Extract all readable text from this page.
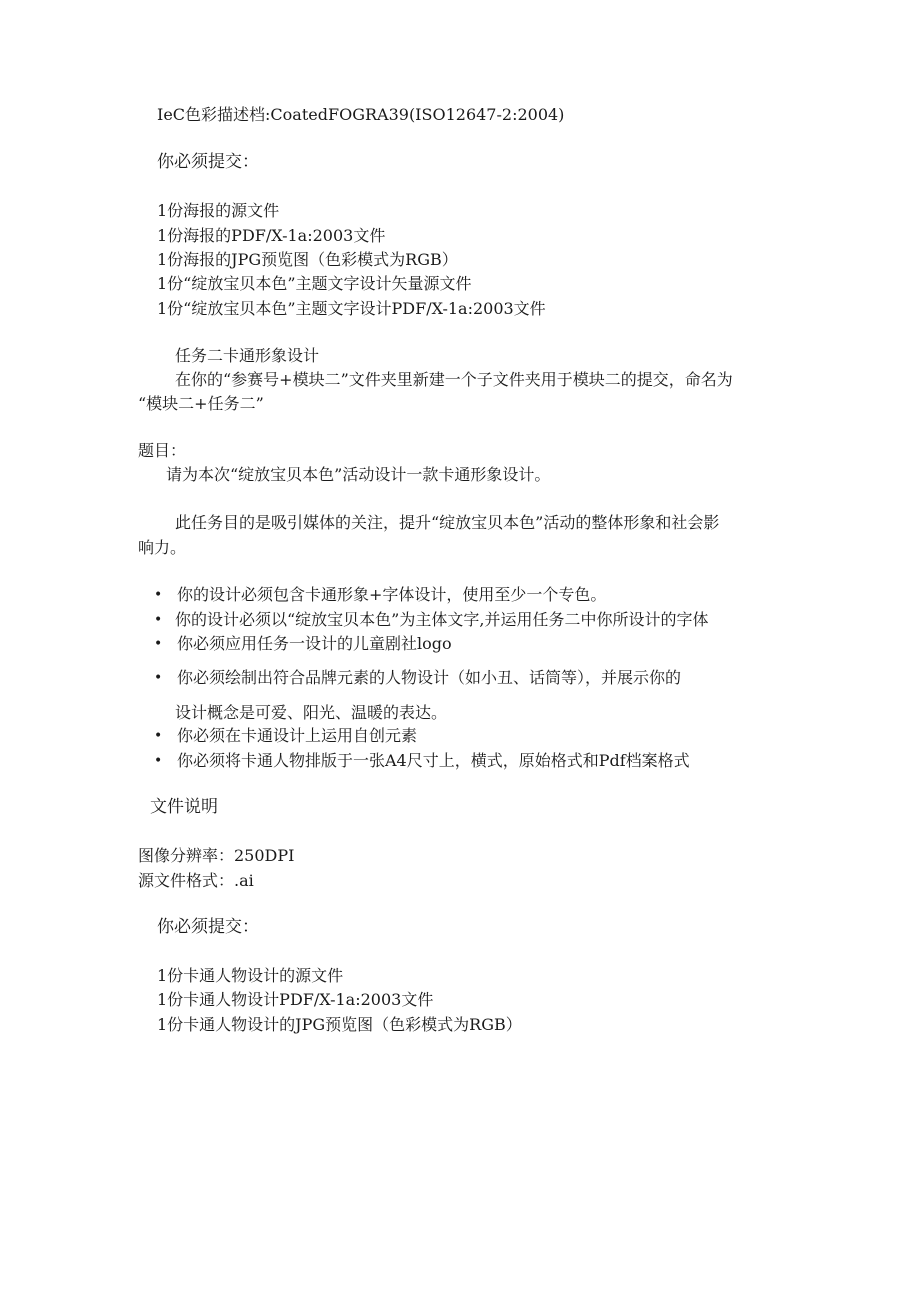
IeC色彩描述档:CoatedFOGRA39(ISO12647-2:2004)
你必须提交：
1份海报的源文件
1份海报的PDF/X-1a:2003文件
1份海报的JPG预览图（色彩模式为RGB）
1份“绽放宝贝本色”主题文字设计矢量源文件
1份“绽放宝贝本色”主题文字设计PDF/X-1a:2003文件
任务二卡通形象设计
在你的“参赛号+模块二”文件夹里新建一个子文件夹用于模块二的提交，命名为
“模块二+任务二”
题目：
请为本次“绽放宝贝本色”活动设计一款卡通形象设计。
此任务目的是吸引媒体的关注，提升“绽放宝贝本色”活动的整体形象和社会影
响力。
• 你的设计必须包含卡通形象+字体设计，使用至少一个专色。
• 你的设计必须以“绽放宝贝本色”为主体文字,并运用任务二中你所设计的字体
• 你必须应用任务一设计的儿童剧社logo
• 你必须绘制出符合品牌元素的人物设计（如小丑、话筒等），并展示你的
设计概念是可爱、阳光、温暖的表达。
• 你必须在卡通设计上运用自创元素
• 你必须将卡通人物排版于一张A4尺寸上，横式，原始格式和Pdf档案格式
文件说明
图像分辨率：250DPI
源文件格式：.ai
你必须提交：
1份卡通人物设计的源文件
1份卡通人物设计PDF/X-1a:2003文件
1份卡通人物设计的JPG预览图（色彩模式为RGB）
